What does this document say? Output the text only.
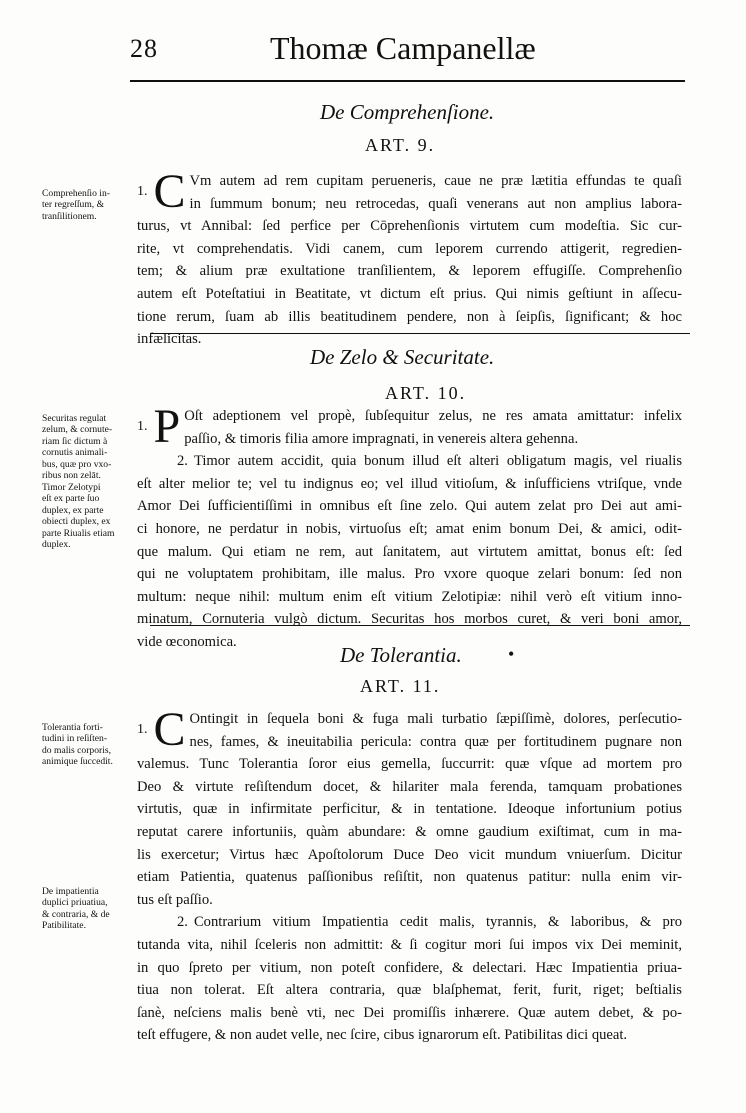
28	Thomæ Campanellæ
De Comprehenſione.
ART. 9.
Comprehenſio in-
ter regreſſum, &
tranſilitionem.
1. C Vm autem ad rem cupitam perueneris, caue ne præ lætitia effundas te quaſi
in ſummum bonum; neu retrocedas, quaſi venerans aut non amplius labora-
turus, vt Annibal: ſed perfice per Cōprehenſionis virtutem cum modeſtia. Sic cur-
rite, vt comprehendatis. Vidi canem, cum leporem currendo attigerit, regredien-
tem; & alium præ exultatione tranſilientem, & leporem effugiſſe. Comprehenſio
autem eſt Poteſtatiui in Beatitate, vt dictum eſt prius. Qui nimis geſtiunt in aſſecu-
tione rerum, ſuam ab illis beatitudinem pendere, non à ſeipſis, ſignificant; & hoc
infælicitas.
De Zelo & Securitate.
ART. 10.
Securitas regulat
zelum, & cornute-
riam ſic dictum à
cornutis animali-
bus, quæ pro vxo-
ribus non zelāt.
Timor Zelotypi
eſt ex parte ſuo
duplex, ex parte
obiecti duplex, ex
parte Riualis etiam
duplex.
1. P Oſt adeptionem vel propè, ſubſequitur zelus, ne res amata amittatur: infelix
paſſio, & timoris filia amore impragnati, in venereis altera gehenna.
2. Timor autem accidit, quia bonum illud eſt alteri obligatum magis, vel riualis
eſt alter melior te; vel tu indignus eo; vel illud vitioſum, & inſufficiens vtriſque, vnde
Amor Dei ſufficientiſſimi in omnibus eſt ſine zelo. Qui autem zelat pro Dei aut ami-
ci honore, ne perdatur in nobis, virtuoſus eſt; amat enim bonum Dei, & amici, odit-
que malum. Qui etiam ne rem, aut ſanitatem, aut virtutem amittat, bonus eſt: ſed
qui ne voluptatem prohibitam, ille malus. Pro vxore quoque zelari bonum: ſed non
multum: neque nihil: multum enim eſt vitium Zelotipiæ: nihil verò eſt vitium inno-
minatum, Cornuteria vulgò dictum. Securitas hos morbos curet, & veri boni amor,
vide œconomica.
De Tolerantia.	•
ART. 11.
Tolerantia forti-
tudini in reſiſten-
do malis corporis,
animique ſuccedit.
De impatientia
duplici priuatiua,
& contraria, & de
Patibilitate.
1. C Ontingit in ſequela boni & fuga mali turbatio ſæpiſſimè, dolores, perſecutio-
nes, fames, & ineuitabilia pericula: contra quæ per fortitudinem pugnare non
valemus. Tunc Tolerantia ſoror eius gemella, ſuccurrit: quæ vſque ad mortem pro
Deo & virtute reſiſtendum docet, & hilariter mala ferenda, tamquam probationes
virtutis, quæ in infirmitate perficitur, & in tentatione. Ideoque infortunium potius
reputat carere infortuniis, quàm abundare: & omne gaudium exiſtimat, cum in ma-
lis exercetur; Virtus hæc Apoſtolorum Duce Deo vicit mundum vniuerſum. Dicitur
etiam Patientia, quatenus paſſionibus reſiſtit, non quatenus patitur: nulla enim vir-
tus eſt paſſio.
2. Contrarium vitium Impatientia cedit malis, tyrannis, & laboribus, & pro
tutanda vita, nihil ſceleris non admittit: & ſi cogitur mori ſui impos vix Dei meminit,
in quo ſpreto per vitium, non poteſt confidere, & delectari. Hæc Impatientia priua-
tiua non tolerat. Eſt altera contraria, quæ blaſphemat, ferit, furit, riget; beſtialis
ſanè, neſciens malis benè vti, nec Dei promiſſis inhærere. Quæ autem debet, & po-
teſt effugere, & non audet velle, nec ſcire, cibus ignarorum eſt. Patibilitas dici queat.
